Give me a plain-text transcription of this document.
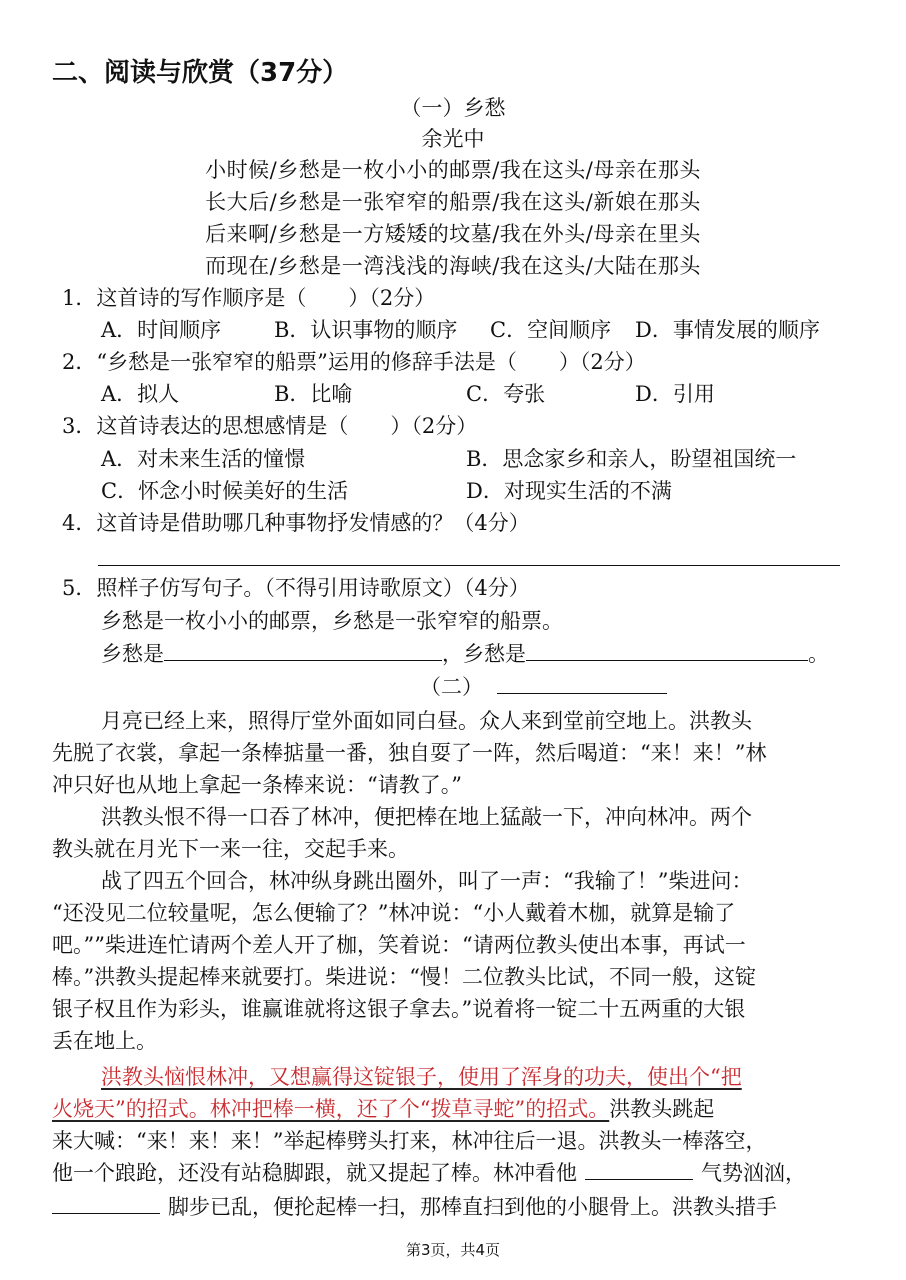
二、阅读与欣赏（37分）
（一）乡愁
余光中
小时候/乡愁是一枚小小的邮票/我在这头/母亲在那头
长大后/乡愁是一张窄窄的船票/我在这头/新娘在那头
后来啊/乡愁是一方矮矮的坟墓/我在外头/母亲在里头
而现在/乡愁是一湾浅浅的海峡/我在这头/大陆在那头
1．这首诗的写作顺序是（　　）（2分）
A．时间顺序	B．认识事物的顺序 C．空间顺序 D．事情发展的顺序
2．“乡愁是一张窄窄的船票”运用的修辞手法是（　　）（2分）
A．拟人	B．比喻	C．夸张	D．引用
3．这首诗表达的思想感情是（　　）（2分）
A．对未来生活的憧憬	B．思念家乡和亲人，盼望祖国统一
C．怀念小时候美好的生活	D．对现实生活的不满
4．这首诗是借助哪几种事物抒发情感的？（4分）
5．照样子仿写句子。（不得引用诗歌原文）（4分）
乡愁是一枚小小的邮票，乡愁是一张窄窄的船票。
乡愁是	，乡愁是	。
（二）
月亮已经上来，照得厅堂外面如同白昼。众人来到堂前空地上。洪教头
先脱了衣裳，拿起一条棒掂量一番，独自耍了一阵，然后喝道：“来！来！”林
冲只好也从地上拿起一条棒来说：“请教了。”
洪教头恨不得一口吞了林冲，便把棒在地上猛敲一下，冲向林冲。两个
教头就在月光下一来一往，交起手来。
战了四五个回合，林冲纵身跳出圈外，叫了一声：“我输了！”柴进问：
“还没见二位较量呢，怎么便输了？”林冲说：“小人戴着木枷，就算是输了
吧。””柴进连忙请两个差人开了枷，笑着说：“请两位教头使出本事，再试一
棒。”洪教头提起棒来就要打。柴进说：“慢！二位教头比试，不同一般，这锭
银子权且作为彩头，谁赢谁就将这银子拿去。”说着将一锭二十五两重的大银
丢在地上。
洪教头恼恨林冲，又想赢得这锭银子，使用了浑身的功夫，使出个“把
火烧天”的招式。林冲把棒一横，还了个“拨草寻蛇”的招式。洪教头跳起
来大喊：“来！来！来！”举起棒劈头打来，林冲往后一退。洪教头一棒落空，
他一个踉跄，还没有站稳脚跟，就又提起了棒。林冲看他	气势汹汹，
脚步已乱，便抡起棒一扫，那棒直扫到他的小腿骨上。洪教头措手
第3页，共4页
